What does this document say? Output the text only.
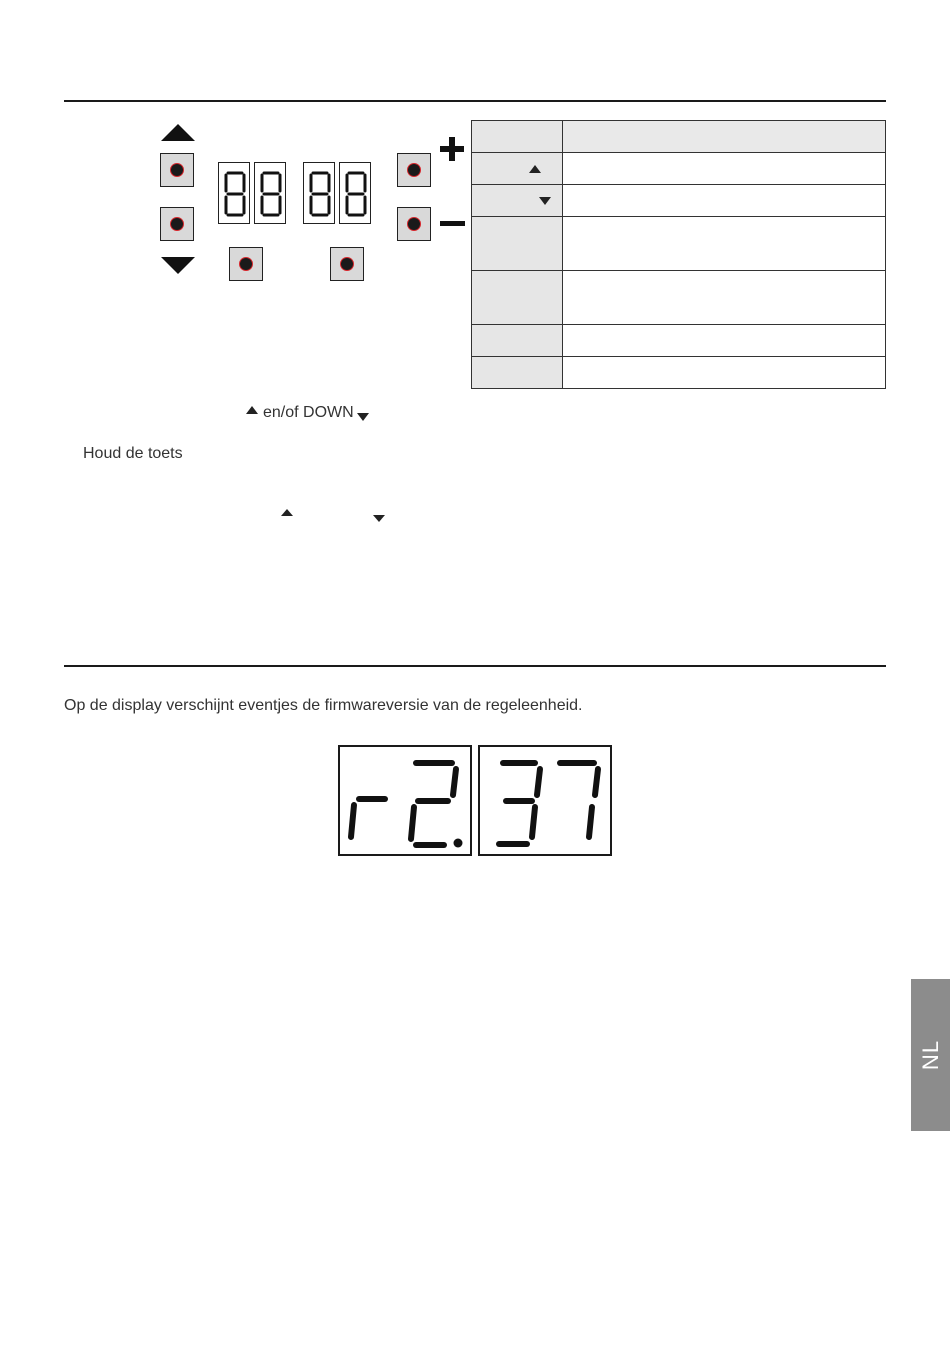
en/of DOWN
Houd de toets
Op de display verschijnt eventjes de firmwareversie van de regeleenheid.
NL
